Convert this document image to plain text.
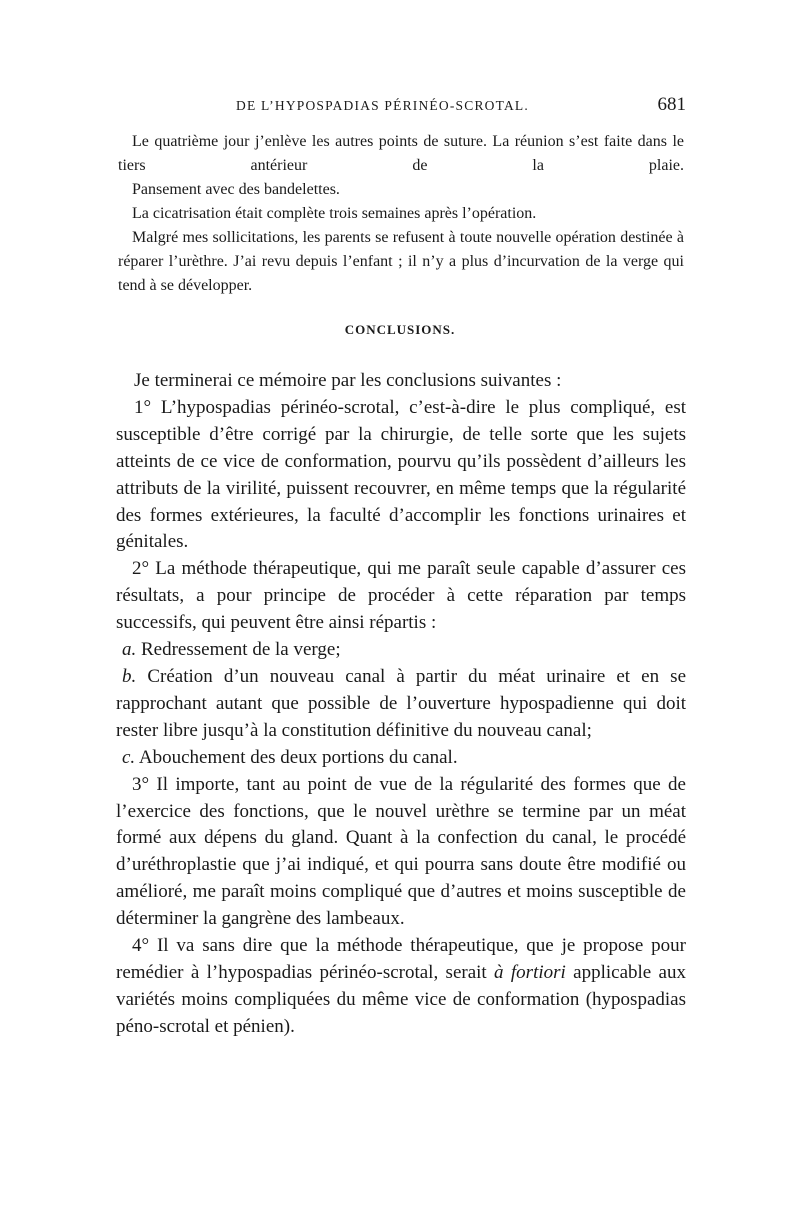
DE L’HYPOSPADIAS PÉRINÉO-SCROTAL.	681

Le quatrième jour j’enlève les autres points de suture. La réunion s’est faite dans le tiers antérieur de la plaie.

Pansement avec des bandelettes.

La cicatrisation était complète trois semaines après l’opération.

Malgré mes sollicitations, les parents se refusent à toute nouvelle opération destinée à réparer l’urèthre. J’ai revu depuis l’enfant ; il n’y a plus d’incurvation de la verge qui tend à se développer.

CONCLUSIONS.

Je terminerai ce mémoire par les conclusions suivantes :

1° L’hypospadias périnéo-scrotal, c’est-à-dire le plus compliqué, est susceptible d’être corrigé par la chirurgie, de telle sorte que les sujets atteints de ce vice de conformation, pourvu qu’ils possèdent d’ailleurs les attributs de la virilité, puissent recouvrer, en même temps que la régularité des formes extérieures, la faculté d’accomplir les fonctions urinaires et génitales.

2° La méthode thérapeutique, qui me paraît seule capable d’assurer ces résultats, a pour principe de procéder à cette réparation par temps successifs, qui peuvent être ainsi répartis :

a. Redressement de la verge;

b. Création d’un nouveau canal à partir du méat urinaire et en se rapprochant autant que possible de l’ouverture hypospadienne qui doit rester libre jusqu’à la constitution définitive du nouveau canal;

c. Abouchement des deux portions du canal.

3° Il importe, tant au point de vue de la régularité des formes que de l’exercice des fonctions, que le nouvel urèthre se termine par un méat formé aux dépens du gland. Quant à la confection du canal, le procédé d’uréthroplastie que j’ai indiqué, et qui pourra sans doute être modifié ou amélioré, me paraît moins compliqué que d’autres et moins susceptible de déterminer la gangrène des lambeaux.

4° Il va sans dire que la méthode thérapeutique, que je propose pour remédier à l’hypospadias périnéo-scrotal, serait à fortiori applicable aux variétés moins compliquées du même vice de conformation (hypospadias péno-scrotal et pénien).
